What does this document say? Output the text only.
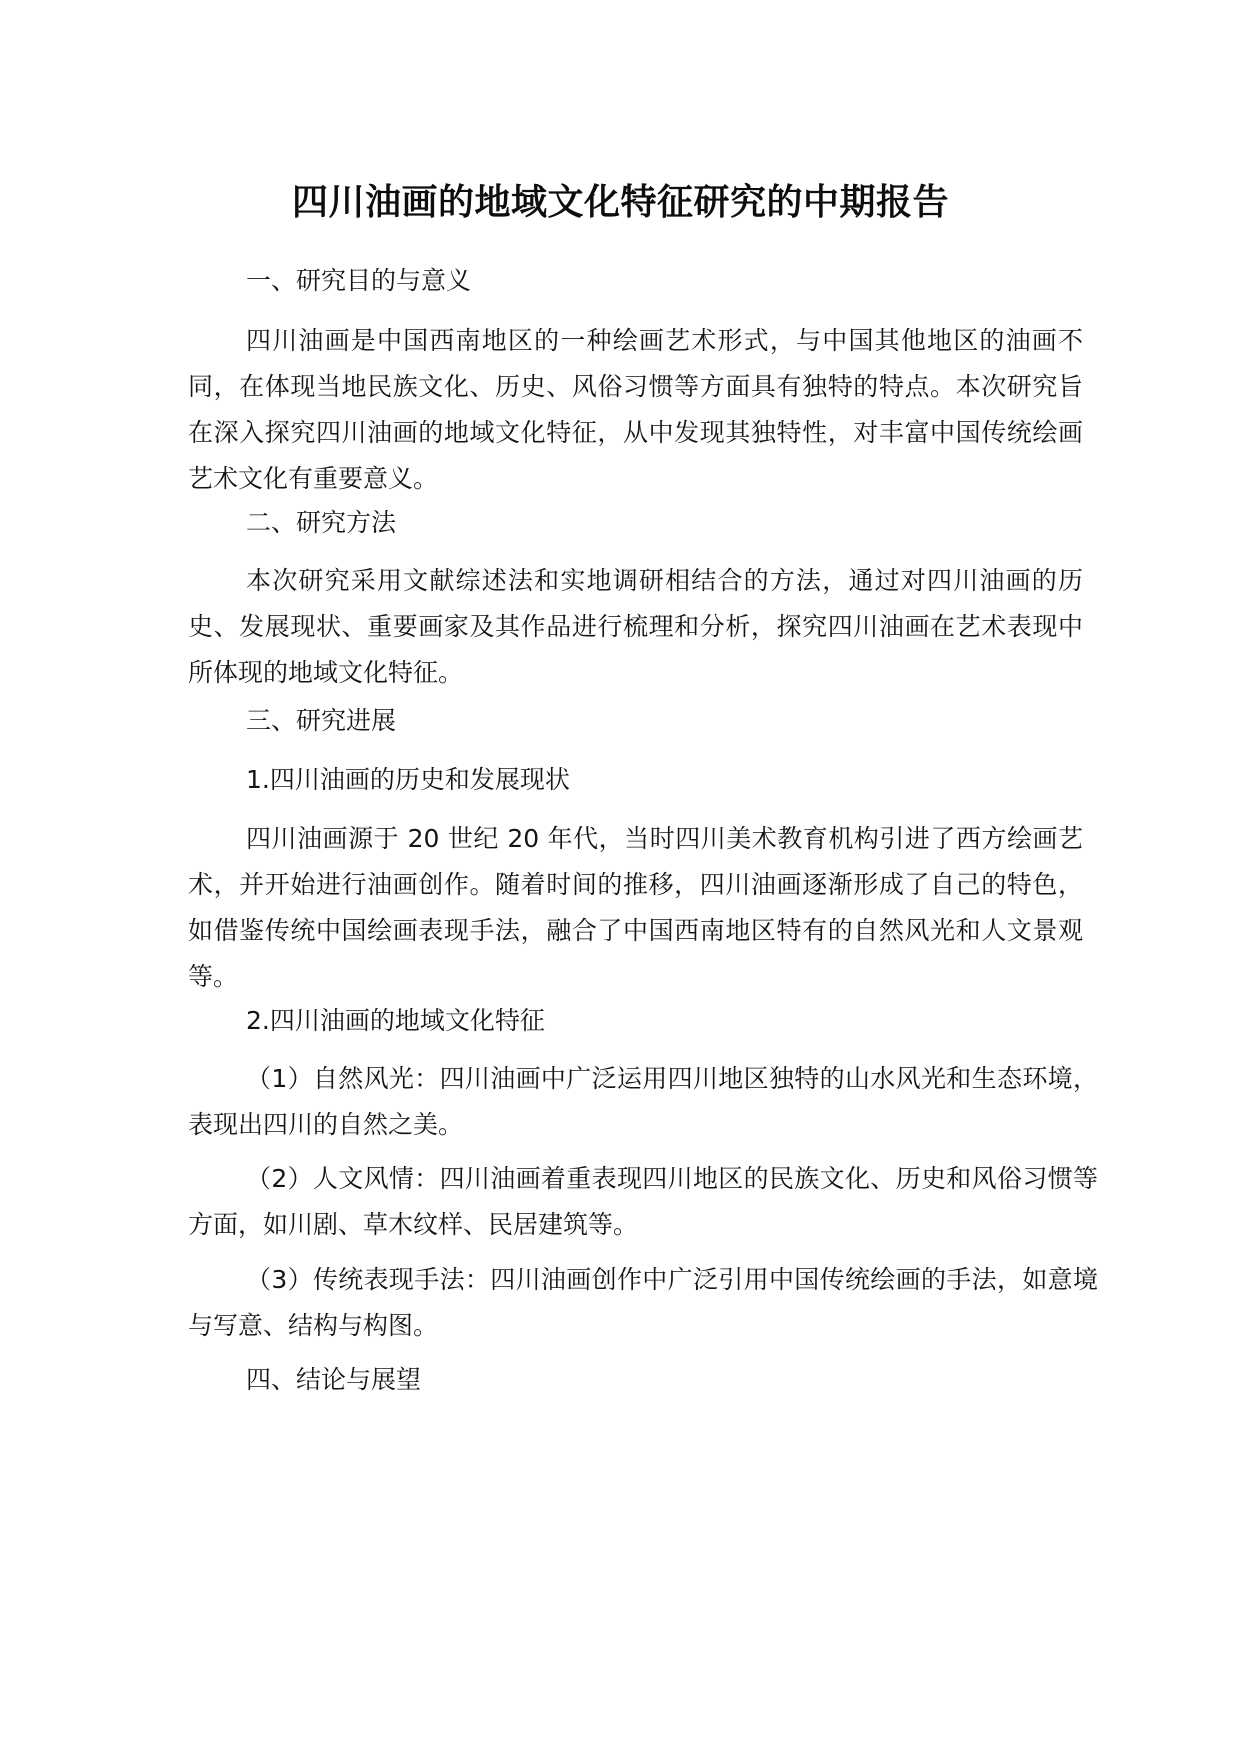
四川油画的地域文化特征研究的中期报告
一、研究目的与意义
四川油画是中国西南地区的一种绘画艺术形式，与中国其他地区的油画不同，在体现当地民族文化、历史、风俗习惯等方面具有独特的特点。本次研究旨在深入探究四川油画的地域文化特征，从中发现其独特性，对丰富中国传统绘画艺术文化有重要意义。
二、研究方法
本次研究采用文献综述法和实地调研相结合的方法，通过对四川油画的历史、发展现状、重要画家及其作品进行梳理和分析，探究四川油画在艺术表现中所体现的地域文化特征。
三、研究进展
1.四川油画的历史和发展现状
四川油画源于 20 世纪 20 年代，当时四川美术教育机构引进了西方绘画艺术，并开始进行油画创作。随着时间的推移，四川油画逐渐形成了自己的特色，如借鉴传统中国绘画表现手法，融合了中国西南地区特有的自然风光和人文景观等。
2.四川油画的地域文化特征
（1）自然风光：四川油画中广泛运用四川地区独特的山水风光和生态环境，表现出四川的自然之美。
（2）人文风情：四川油画着重表现四川地区的民族文化、历史和风俗习惯等方面，如川剧、草木纹样、民居建筑等。
（3）传统表现手法：四川油画创作中广泛引用中国传统绘画的手法，如意境与写意、结构与构图。
四、结论与展望
